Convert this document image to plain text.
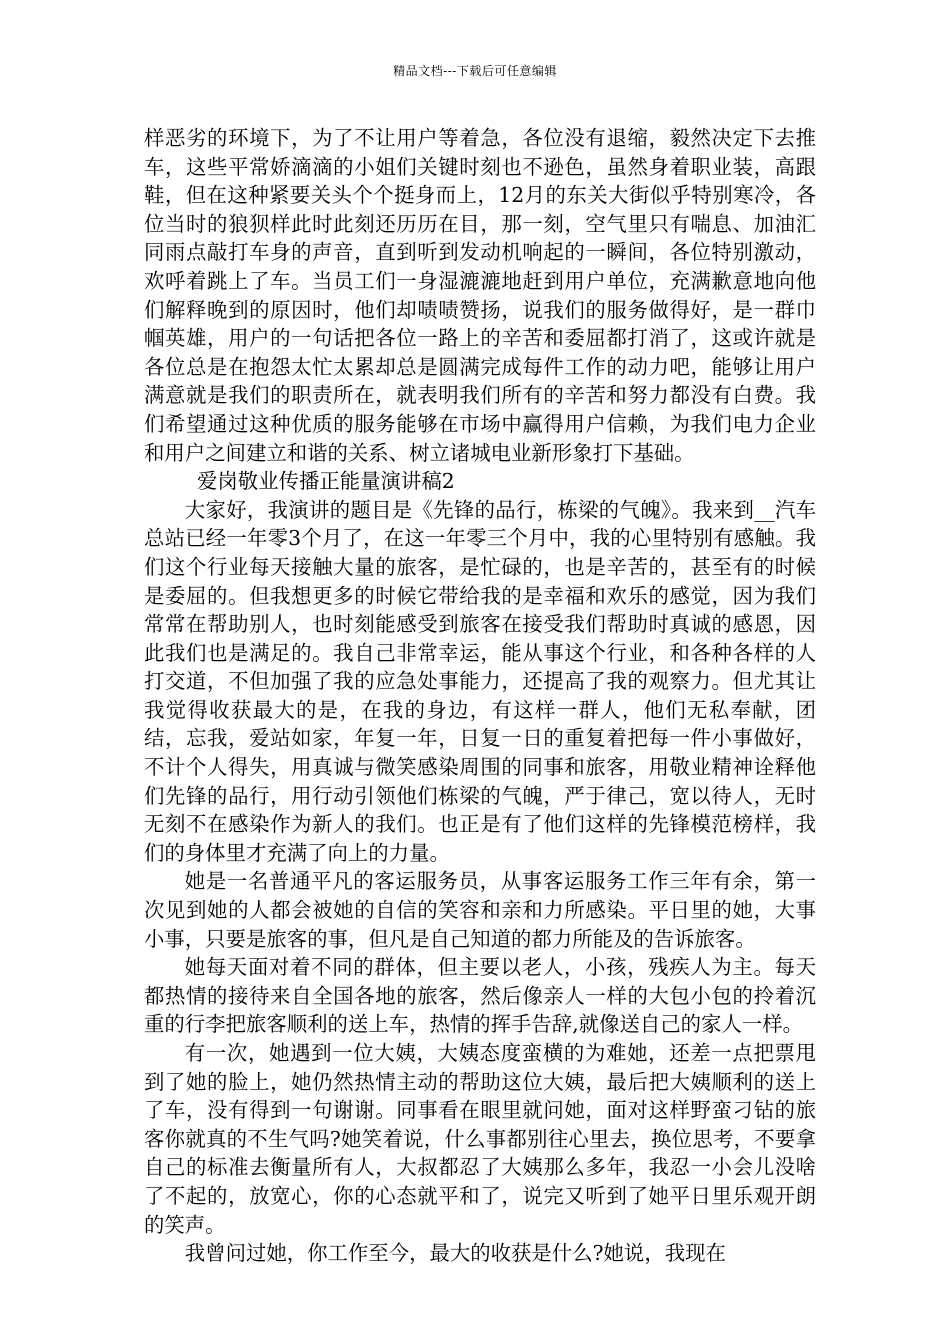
精品文档---下载后可任意编辑

样恶劣的环境下，为了不让用户等着急，各位没有退缩，毅然决定下去推车，这些平常娇滴滴的小姐们关键时刻也不逊色，虽然身着职业装，高跟鞋，但在这种紧要关头个个挺身而上，12月的东关大街似乎特别寒冷，各位当时的狼狈样此时此刻还历历在目，那一刻，空气里只有喘息、加油汇同雨点敲打车身的声音，直到听到发动机响起的一瞬间，各位特别激动，欢呼着跳上了车。当员工们一身湿漉漉地赶到用户单位，充满歉意地向他们解释晚到的原因时，他们却啧啧赞扬，说我们的服务做得好，是一群巾帼英雄，用户的一句话把各位一路上的辛苦和委屈都打消了，这或许就是各位总是在抱怨太忙太累却总是圆满完成每件工作的动力吧，能够让用户满意就是我们的职责所在，就表明我们所有的辛苦和努力都没有白费。我们希望通过这种优质的服务能够在市场中赢得用户信赖，为我们电力企业和用户之间建立和谐的关系、树立诸城电业新形象打下基础。

爱岗敬业传播正能量演讲稿2

大家好，我演讲的题目是《先锋的品行，栋梁的气魄》。我来到__汽车总站已经一年零3个月了，在这一年零三个月中，我的心里特别有感触。我们这个行业每天接触大量的旅客，是忙碌的，也是辛苦的，甚至有的时候是委屈的。但我想更多的时候它带给我的是幸福和欢乐的感觉，因为我们常常在帮助别人，也时刻能感受到旅客在接受我们帮助时真诚的感恩，因此我们也是满足的。我自己非常幸运，能从事这个行业，和各种各样的人打交道，不但加强了我的应急处事能力，还提高了我的观察力。但尤其让我觉得收获最大的是，在我的身边，有这样一群人，他们无私奉献，团结，忘我，爱站如家，年复一年，日复一日的重复着把每一件小事做好，不计个人得失，用真诚与微笑感染周围的同事和旅客，用敬业精神诠释他们先锋的品行，用行动引领他们栋梁的气魄，严于律己，宽以待人，无时无刻不在感染作为新人的我们。也正是有了他们这样的先锋模范榜样，我们的身体里才充满了向上的力量。

她是一名普通平凡的客运服务员，从事客运服务工作三年有余，第一次见到她的人都会被她的自信的笑容和亲和力所感染。平日里的她，大事小事，只要是旅客的事，但凡是自己知道的都力所能及的告诉旅客。

她每天面对着不同的群体，但主要以老人，小孩，残疾人为主。每天都热情的接待来自全国各地的旅客，然后像亲人一样的大包小包的拎着沉重的行李把旅客顺利的送上车，热情的挥手告辞,就像送自己的家人一样。

有一次，她遇到一位大姨，大姨态度蛮横的为难她，还差一点把票甩到了她的脸上，她仍然热情主动的帮助这位大姨，最后把大姨顺利的送上了车，没有得到一句谢谢。同事看在眼里就问她，面对这样野蛮刁钻的旅客你就真的不生气吗?她笑着说，什么事都别往心里去，换位思考，不要拿自己的标准去衡量所有人，大叔都忍了大姨那么多年，我忍一小会儿没啥了不起的，放宽心，你的心态就平和了，说完又听到了她平日里乐观开朗的笑声。

我曾问过她，你工作至今，最大的收获是什么?她说，我现在
